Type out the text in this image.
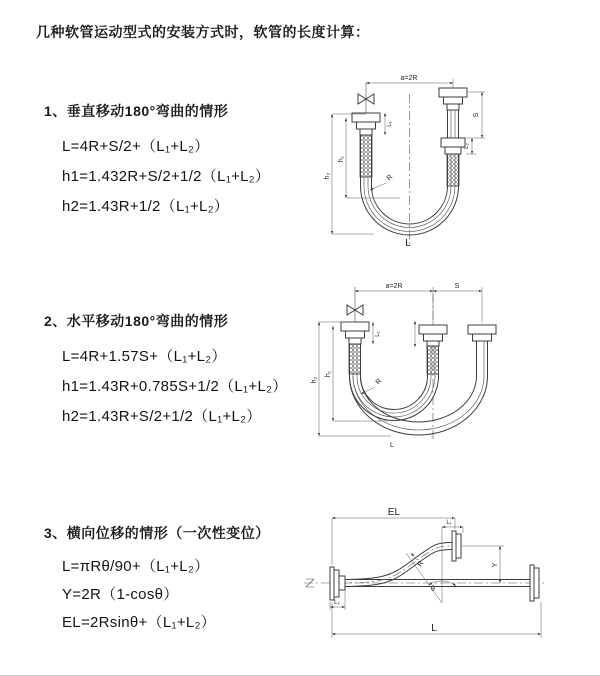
几种软管运动型式的安装方式时，软管的长度计算：
1、垂直移动180°弯曲的情形
L=4R+S/2+（L₁+L₂）
h1=1.432R+S/2+1/2（L₁+L₂）
h2=1.43R+1/2（L₁+L₂）
2、水平移动180°弯曲的情形
L=4R+1.57S+（L₁+L₂）
h1=1.43R+0.785S+1/2（L₁+L₂）
h2=1.43R+S/2+1/2（L₁+L₂）
3、横向位移的情形（一次性变位）
L=πRθ/90+（L₁+L₂）
Y=2R（1-cosθ）
EL=2Rsinθ+（L₁+L₂）
a=2R
h₂
h₁
L₁
S
L₂
R
L
a=2R	S
h₂
h₁
L₁
R
L
EL
L₁
Y
R
θ
L₂
L
